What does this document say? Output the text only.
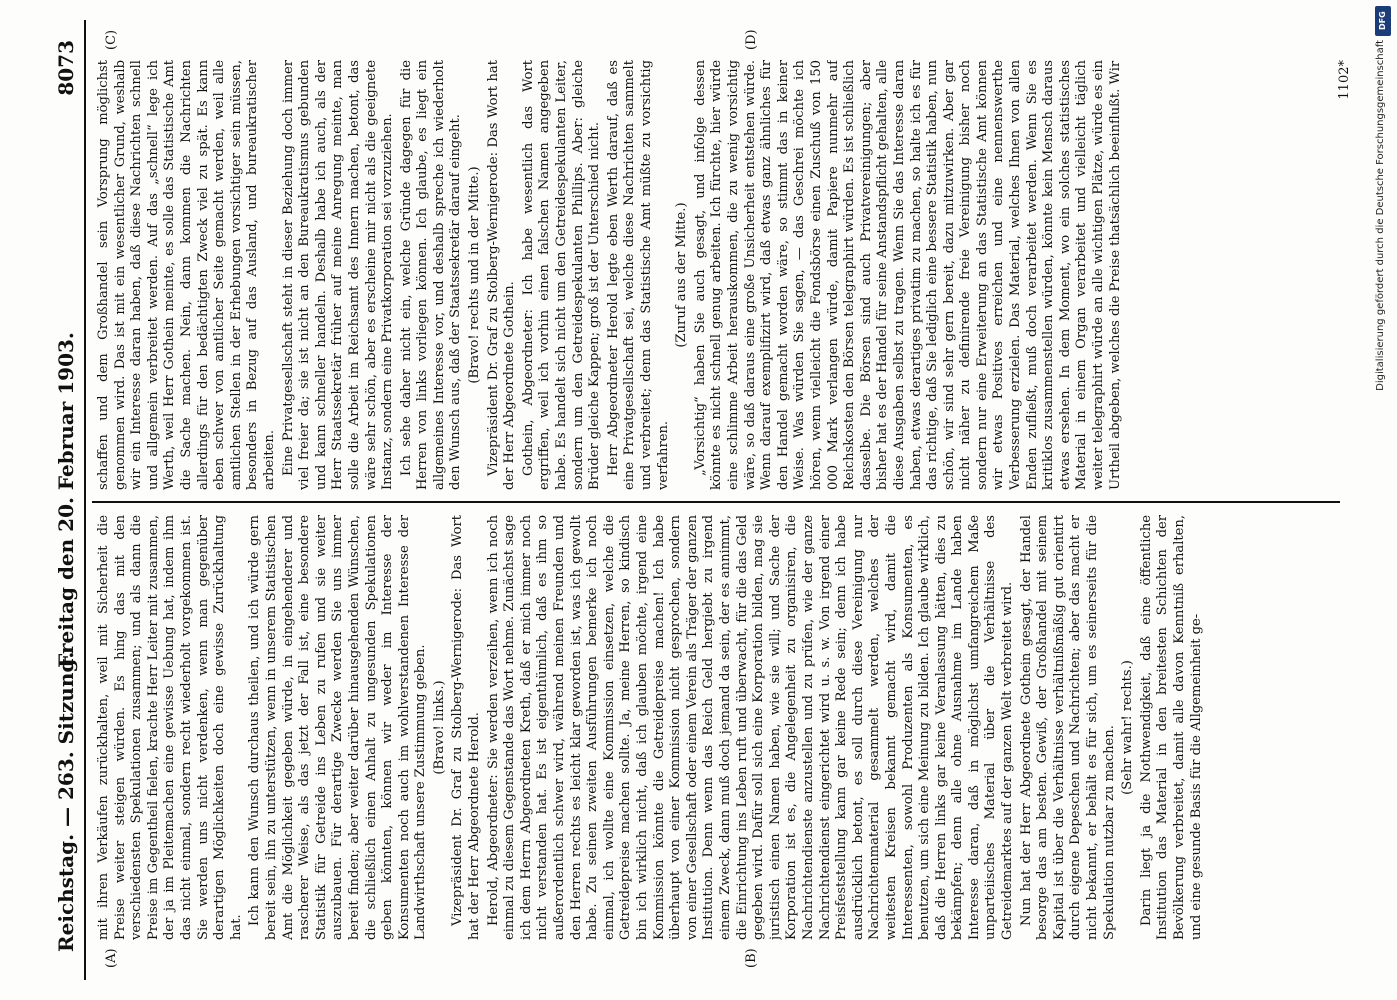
Reichstag. — 263. Sitzung.
Freitag den 20. Februar 1903.
8073
(A)	(B)
(C)	(D)

mit ihren Verkäufen zurückhalten, weil mit Sicherheit die Preise weiter steigen würden. Es hing das mit den verschiedensten Spekulationen zusammen; und als dann die Preise im Gegentheil fielen, krachte Herr Leiter mit zusammen, der ja im Pleitemachen eine gewisse Uebung hat, indem ihm das nicht einmal, sondern recht wiederholt vorgekommen ist. Sie werden uns nicht verdenken, wenn man gegenüber derartigen Möglichkeiten doch eine gewisse Zurückhaltung hat.

Ich kann den Wunsch durchaus theilen, und ich würde gern bereit sein, ihn zu unterstützen, wenn in unserem Statistischen Amt die Möglichkeit gegeben würde, in eingehenderer und rascherer Weise, als das jetzt der Fall ist, eine besondere Statistik für Getreide ins Leben zu rufen und sie weiter auszubauen. Für derartige Zwecke werden Sie uns immer bereit finden; aber weiter darüber hinausgehenden Wünschen, die schließlich einen Anhalt zu ungesunden Spekulationen geben könnten, können wir weder im Interesse der Konsumenten noch auch im wohlverstandenen Interesse der Landwirthschaft unsere Zustimmung geben. (Bravo! links.) Vizepräsident Dr. Graf zu Stolberg-Wernigerode: Das Wort hat der Herr Abgeordnete Herold. Herold, Abgeordneter: Sie werden verzeihen, wenn ich noch einmal zu diesem Gegenstande das Wort nehme. Zunächst sage ich dem Herrn Abgeordneten Kreth, daß er mich immer noch nicht verstanden hat. Es ist eigenthümlich, daß es ihm so außerordentlich schwer wird, während meinen Freunden und den Herren rechts es leicht klar geworden ist, was ich gewollt habe. Zu seinen zweiten Ausführungen bemerke ich noch einmal, ich wollte eine Kommission einsetzen, welche die Getreidepreise machen sollte. Ja, meine Herren, so kindisch bin ich wirklich nicht, daß ich glauben möchte, irgend eine Kommission könnte die Getreidepreise machen! Ich habe überhaupt von einer Kommission nicht gesprochen, sondern von einer Gesellschaft oder einem Verein als Träger der ganzen Institution. Denn wenn das Reich Geld hergiebt zu irgend einem Zweck, dann muß doch jemand da sein, der es annimmt, die Einrichtung ins Leben ruft und überwacht, für die das Geld gegeben wird. Dafür soll sich eine Korporation bilden, mag sie juristisch einen Namen haben, wie sie will; und Sache der Korporation ist es, die Angelegenheit zu organisiren, die Nachrichtendienste anzustellen und zu prüfen, wie der ganze Nachrichtendienst eingerichtet wird u. s. w. Von irgend einer Preisfeststellung kann gar keine Rede sein; denn ich habe ausdrücklich betont, es soll durch diese Vereinigung nur Nachrichtenmaterial gesammelt werden, welches der weitesten Kreisen bekannt gemacht wird, damit die Interessenten, sowohl Produzenten als Konsumenten, es benutzen, um sich eine Meinung zu bilden. Ich glaube wirklich, daß die Herren links gar keine Veranlassung hätten, dies zu bekämpfen; denn alle ohne Ausnahme im Lande haben Interesse daran, daß in möglichst umfangreichem Maße unparteiisches Material über die Verhältnisse des Getreidemarktes auf der ganzen Welt verbreitet wird. Nun hat der Herr Abgeordnete Gothein gesagt, der Handel besorge das am besten. Gewiß, der Großhandel mit seinem Kapital ist über die Verhältnisse verhältnißmäßig gut orientirt durch eigene Depeschen und Nachrichten; aber das macht er nicht bekannt, er behält es für sich, um es seinerseits für die Spekulation nutzbar zu machen. (Sehr wahr! rechts.) Darin liegt ja die Nothwendigkeit, daß eine öffentliche Institution das Material in den breitesten Schichten der Bevölkerung verbreitet, damit alle davon Kenntniß erhalten, und eine gesunde Basis für die Allgemeinheit ge-

schaffen und dem Großhandel sein Vorsprung möglichst genommen wird. Das ist mit ein wesentlicher Grund, weshalb wir ein Interesse daran haben, daß diese Nachrichten schnell und allgemein verbreitet werden. Auf das „schnell“ lege ich Werth, weil Herr Gothein meinte, es solle das Statistische Amt die Sache machen. Nein, dann kommen die Nachrichten allerdings für den bedächtigten Zweck viel zu spät. Es kann eben schwer von amtlicher Seite gemacht werden, weil alle amtlichen Stellen in der Erhebungen vorsichtiger sein müssen, besonders in Bezug auf das Ausland, und bureaukratischer arbeiten. Eine Privatgesellschaft steht in dieser Beziehung doch immer viel freier da; sie ist nicht an den Bureaukratismus gebunden und kann schneller handeln. Deshalb habe ich auch, als der Herr Staatssekretär früher auf meine Anregung meinte, man solle die Arbeit im Reichsamt des Innern machen, betont, das wäre sehr schön, aber es erscheine mir nicht als die geeignete Instanz, sondern eine Privatkorporation sei vorzuziehen. Ich sehe daher nicht ein, welche Gründe dagegen für die Herren von links vorliegen können. Ich glaube, es liegt ein allgemeines Interesse vor, und deshalb spreche ich wiederholt den Wunsch aus, daß der Staatssekretär darauf eingeht. (Bravo! rechts und in der Mitte.) Vizepräsident Dr. Graf zu Stolberg-Wernigerode: Das Wort hat der Herr Abgeordnete Gothein. Gothein, Abgeordneter: Ich habe wesentlich das Wort ergriffen, weil ich vorhin einen falschen Namen angegeben habe. Es handelt sich nicht um den Getreidespekulanten Leiter, sondern um den Getreidespekulanten Phillips. Aber: gleiche Brüder gleiche Kappen; groß ist der Unterschied nicht. Herr Abgeordneter Herold legte eben Werth darauf, daß es eine Privatgesellschaft sei, welche diese Nachrichten sammelt und verbreitet; denn das Statistische Amt müßte zu vorsichtig verfahren.

(Zuruf aus der Mitte.) „Vorsichtig“ haben Sie auch gesagt, und infolge dessen könnte es nicht schnell genug arbeiten. Ich fürchte, hier würde eine schlimme Arbeit herauskommen, die zu wenig vorsichtig wäre, so daß daraus eine große Unsicherheit entstehen würde. Wenn darauf exemplifizirt wird, daß etwas ganz ähnliches für den Handel gemacht worden wäre, so stimmt das in keiner Weise. Was würden Sie sagen, — das Geschrei möchte ich hören, wenn vielleicht die Fondsbörse einen Zuschuß von 150 000 Mark verlangen würde, damit Papiere nunmehr auf Reichskosten den Börsen telegraphirt würden. Es ist schließlich dasselbe. Die Börsen sind auch Privatvereinigungen; aber bisher hat es der Handel für seine Anstandspflicht gehalten, alle diese Ausgaben selbst zu tragen. Wenn Sie das Interesse daran haben, etwas derartiges privatim zu machen, so halte ich es für das richtige, daß Sie lediglich eine bessere Statistik haben, nun schön, wir sind sehr gern bereit, dazu mitzuwirken. Aber gar nicht näher zu definirende freie Vereinigung bisher noch sondern nur eine Erweiterung an das Statistische Amt können wir etwas Positives erreichen und eine nennenswerthe Verbesserung erzielen. Das Material, welches Ihnen von allen Enden zufließt, muß doch verarbeitet werden. Wenn Sie es kritiklos zusammenstellen würden, könnte kein Mensch daraus etwas ersehen. In dem Moment, wo ein solches statistisches Material in einem Organ verarbeitet und vielleicht täglich weiter telegraphirt würde an alle wichtigen Plätze, würde es ein Urtheil abgeben, welches die Preise thatsächlich beeinflußt. Wir	1102*
DFG
Digitalisierung gefördert durch die Deutsche Forschungsgemeinschaft
